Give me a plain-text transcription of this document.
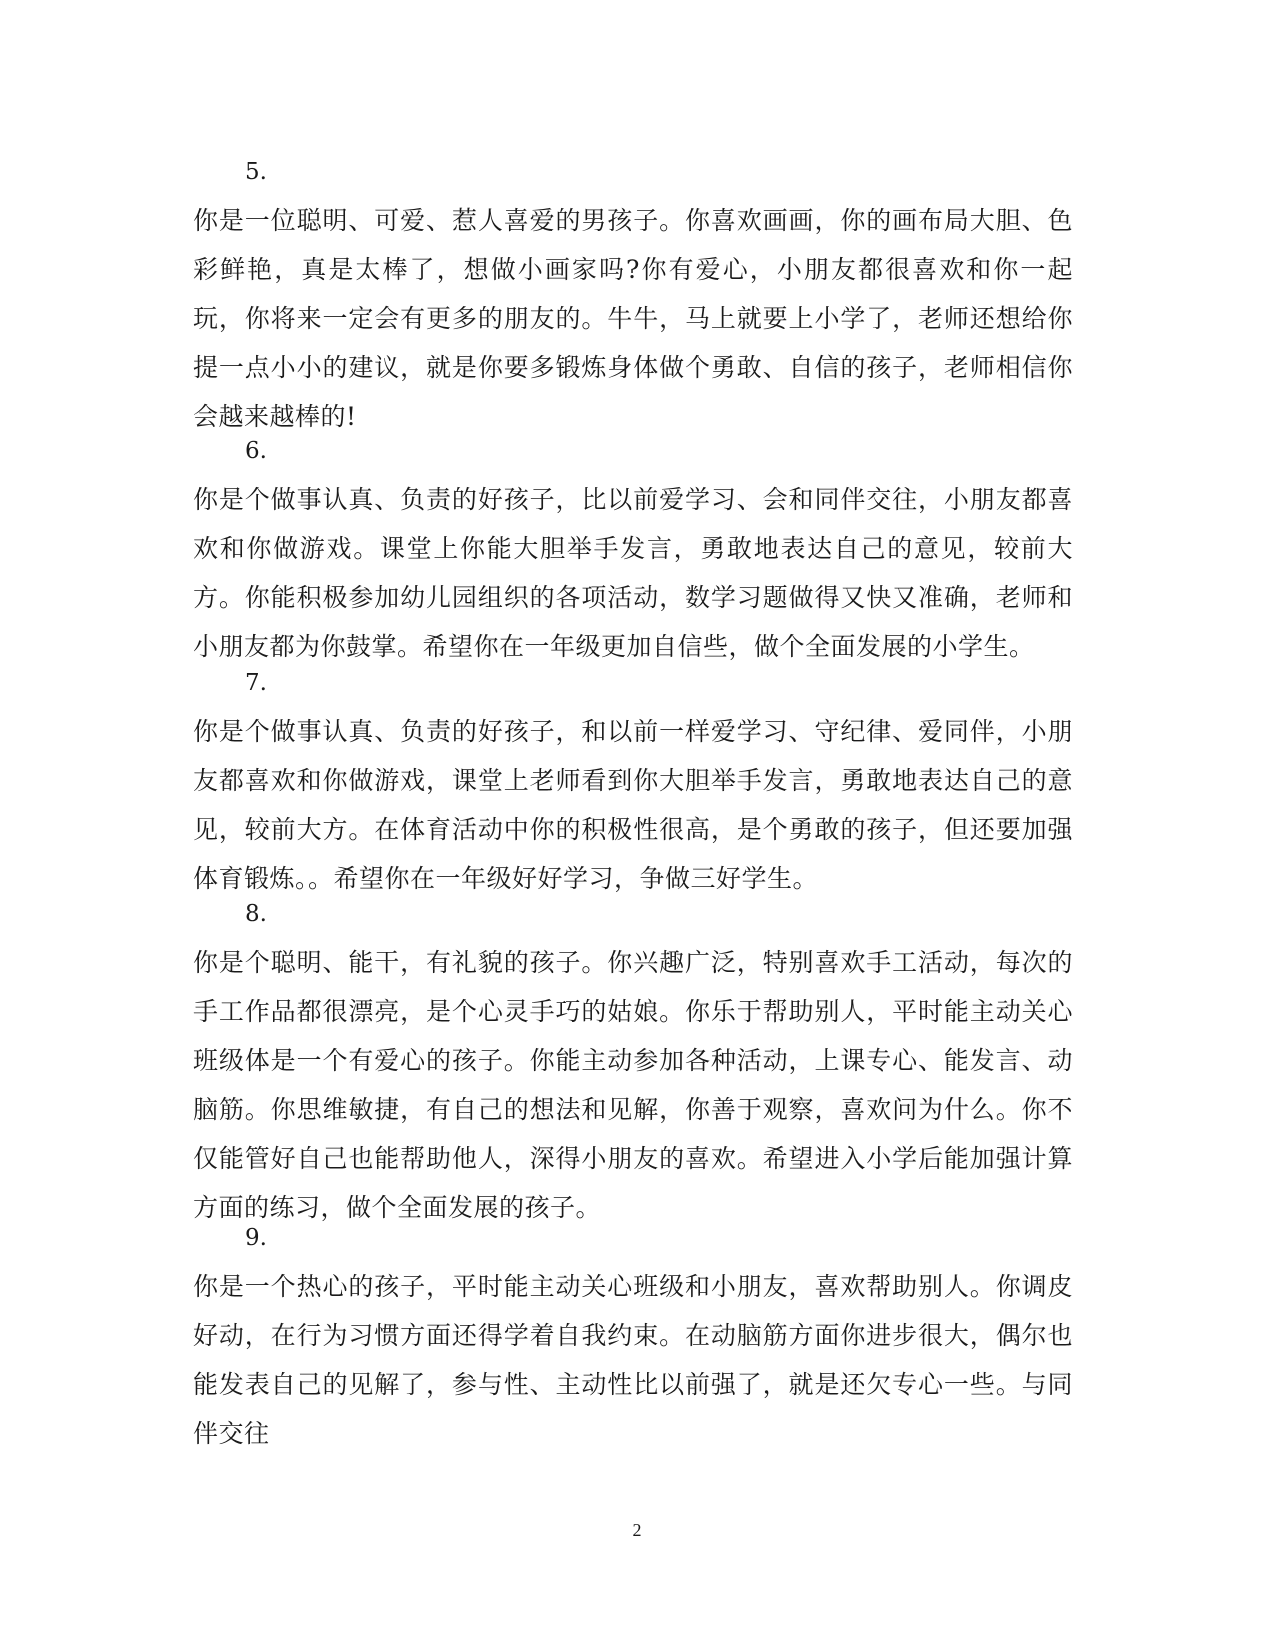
5.

你是一位聪明、可爱、惹人喜爱的男孩子。你喜欢画画，你的画布局大胆、色彩鲜艳，真是太棒了，想做小画家吗?你有爱心，小朋友都很喜欢和你一起玩，你将来一定会有更多的朋友的。牛牛，马上就要上小学了，老师还想给你提一点小小的建议，就是你要多锻炼身体做个勇敢、自信的孩子，老师相信你会越来越棒的!

6.

你是个做事认真、负责的好孩子，比以前爱学习、会和同伴交往，小朋友都喜欢和你做游戏。课堂上你能大胆举手发言，勇敢地表达自己的意见，较前大方。你能积极参加幼儿园组织的各项活动，数学习题做得又快又准确，老师和小朋友都为你鼓掌。希望你在一年级更加自信些，做个全面发展的小学生。

7.

你是个做事认真、负责的好孩子，和以前一样爱学习、守纪律、爱同伴，小朋友都喜欢和你做游戏，课堂上老师看到你大胆举手发言，勇敢地表达自己的意见，较前大方。在体育活动中你的积极性很高，是个勇敢的孩子，但还要加强体育锻炼。。希望你在一年级好好学习，争做三好学生。

8.

你是个聪明、能干，有礼貌的孩子。你兴趣广泛，特别喜欢手工活动，每次的手工作品都很漂亮，是个心灵手巧的姑娘。你乐于帮助别人，平时能主动关心班级体是一个有爱心的孩子。你能主动参加各种活动，上课专心、能发言、动脑筋。你思维敏捷，有自己的想法和见解，你善于观察，喜欢问为什么。你不仅能管好自己也能帮助他人，深得小朋友的喜欢。希望进入小学后能加强计算方面的练习，做个全面发展的孩子。

9.

你是一个热心的孩子，平时能主动关心班级和小朋友，喜欢帮助别人。你调皮好动，在行为习惯方面还得学着自我约束。在动脑筋方面你进步很大，偶尔也能发表自己的见解了，参与性、主动性比以前强了，就是还欠专心一些。与同伴交往

2
